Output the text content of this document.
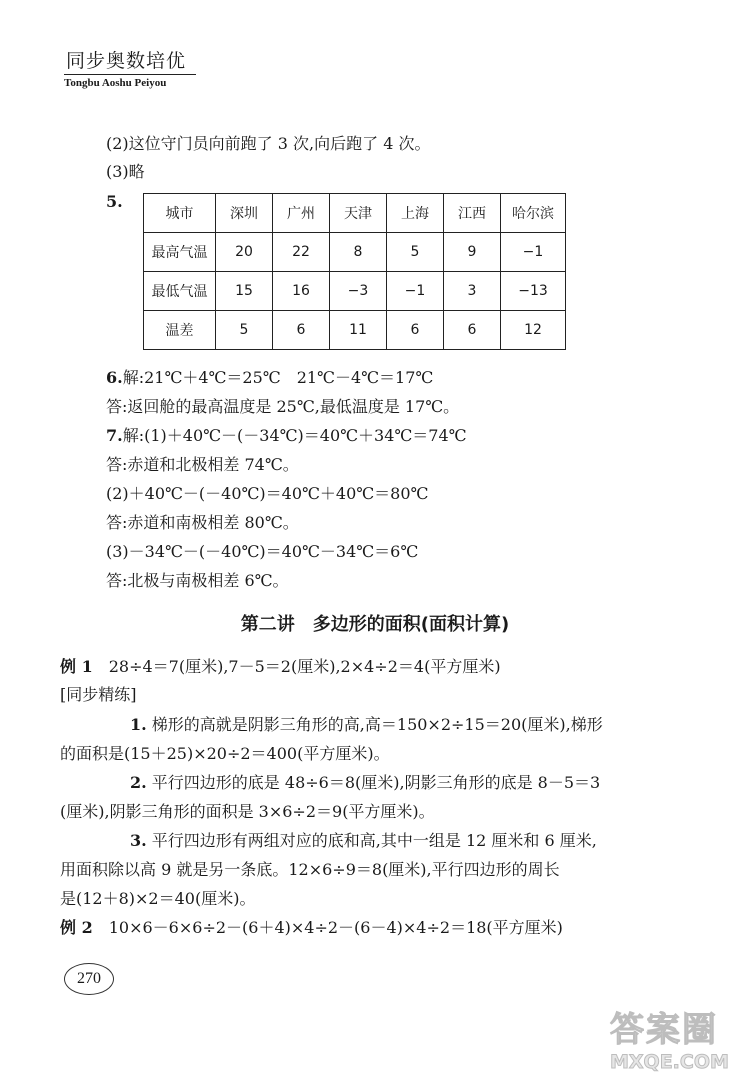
同步奥数培优
Tongbu Aoshu Peiyou
(2)这位守门员向前跑了 3 次,向后跑了 4 次。
(3)略
5.
城市	深圳	广州	天津	上海	江西	哈尔滨
最高气温	20	22	8	5	9	−1
最低气温	15	16	−3	−1	3	−13
温差	5	6	11	6	6	12
6.解:21℃＋4℃＝25℃　21℃－4℃＝17℃
答:返回舱的最高温度是 25℃,最低温度是 17℃。
7.解:(1)＋40℃－(－34℃)＝40℃＋34℃＝74℃
答:赤道和北极相差 74℃。
(2)＋40℃－(－40℃)＝40℃＋40℃＝80℃
答:赤道和南极相差 80℃。
(3)－34℃－(－40℃)＝40℃－34℃＝6℃
答:北极与南极相差 6℃。
第二讲　多边形的面积(面积计算)
例 1　 28÷4＝7(厘米),7－5＝2(厘米),2×4÷2＝4(平方厘米)
[同步精练]
1. 梯形的高就是阴影三角形的高,高＝150×2÷15＝20(厘米),梯形
的面积是(15＋25)×20÷2＝400(平方厘米)。
2. 平行四边形的底是 48÷6＝8(厘米),阴影三角形的底是 8－5＝3
(厘米),阴影三角形的面积是 3×6÷2＝9(平方厘米)。
3. 平行四边形有两组对应的底和高,其中一组是 12 厘米和 6 厘米,
用面积除以高 9 就是另一条底。12×6÷9＝8(厘米),平行四边形的周长
是(12＋8)×2＝40(厘米)。
例 2　 10×6－6×6÷2－(6＋4)×4÷2－(6－4)×4÷2＝18(平方厘米)
270
答案圈
MXQE.COM
